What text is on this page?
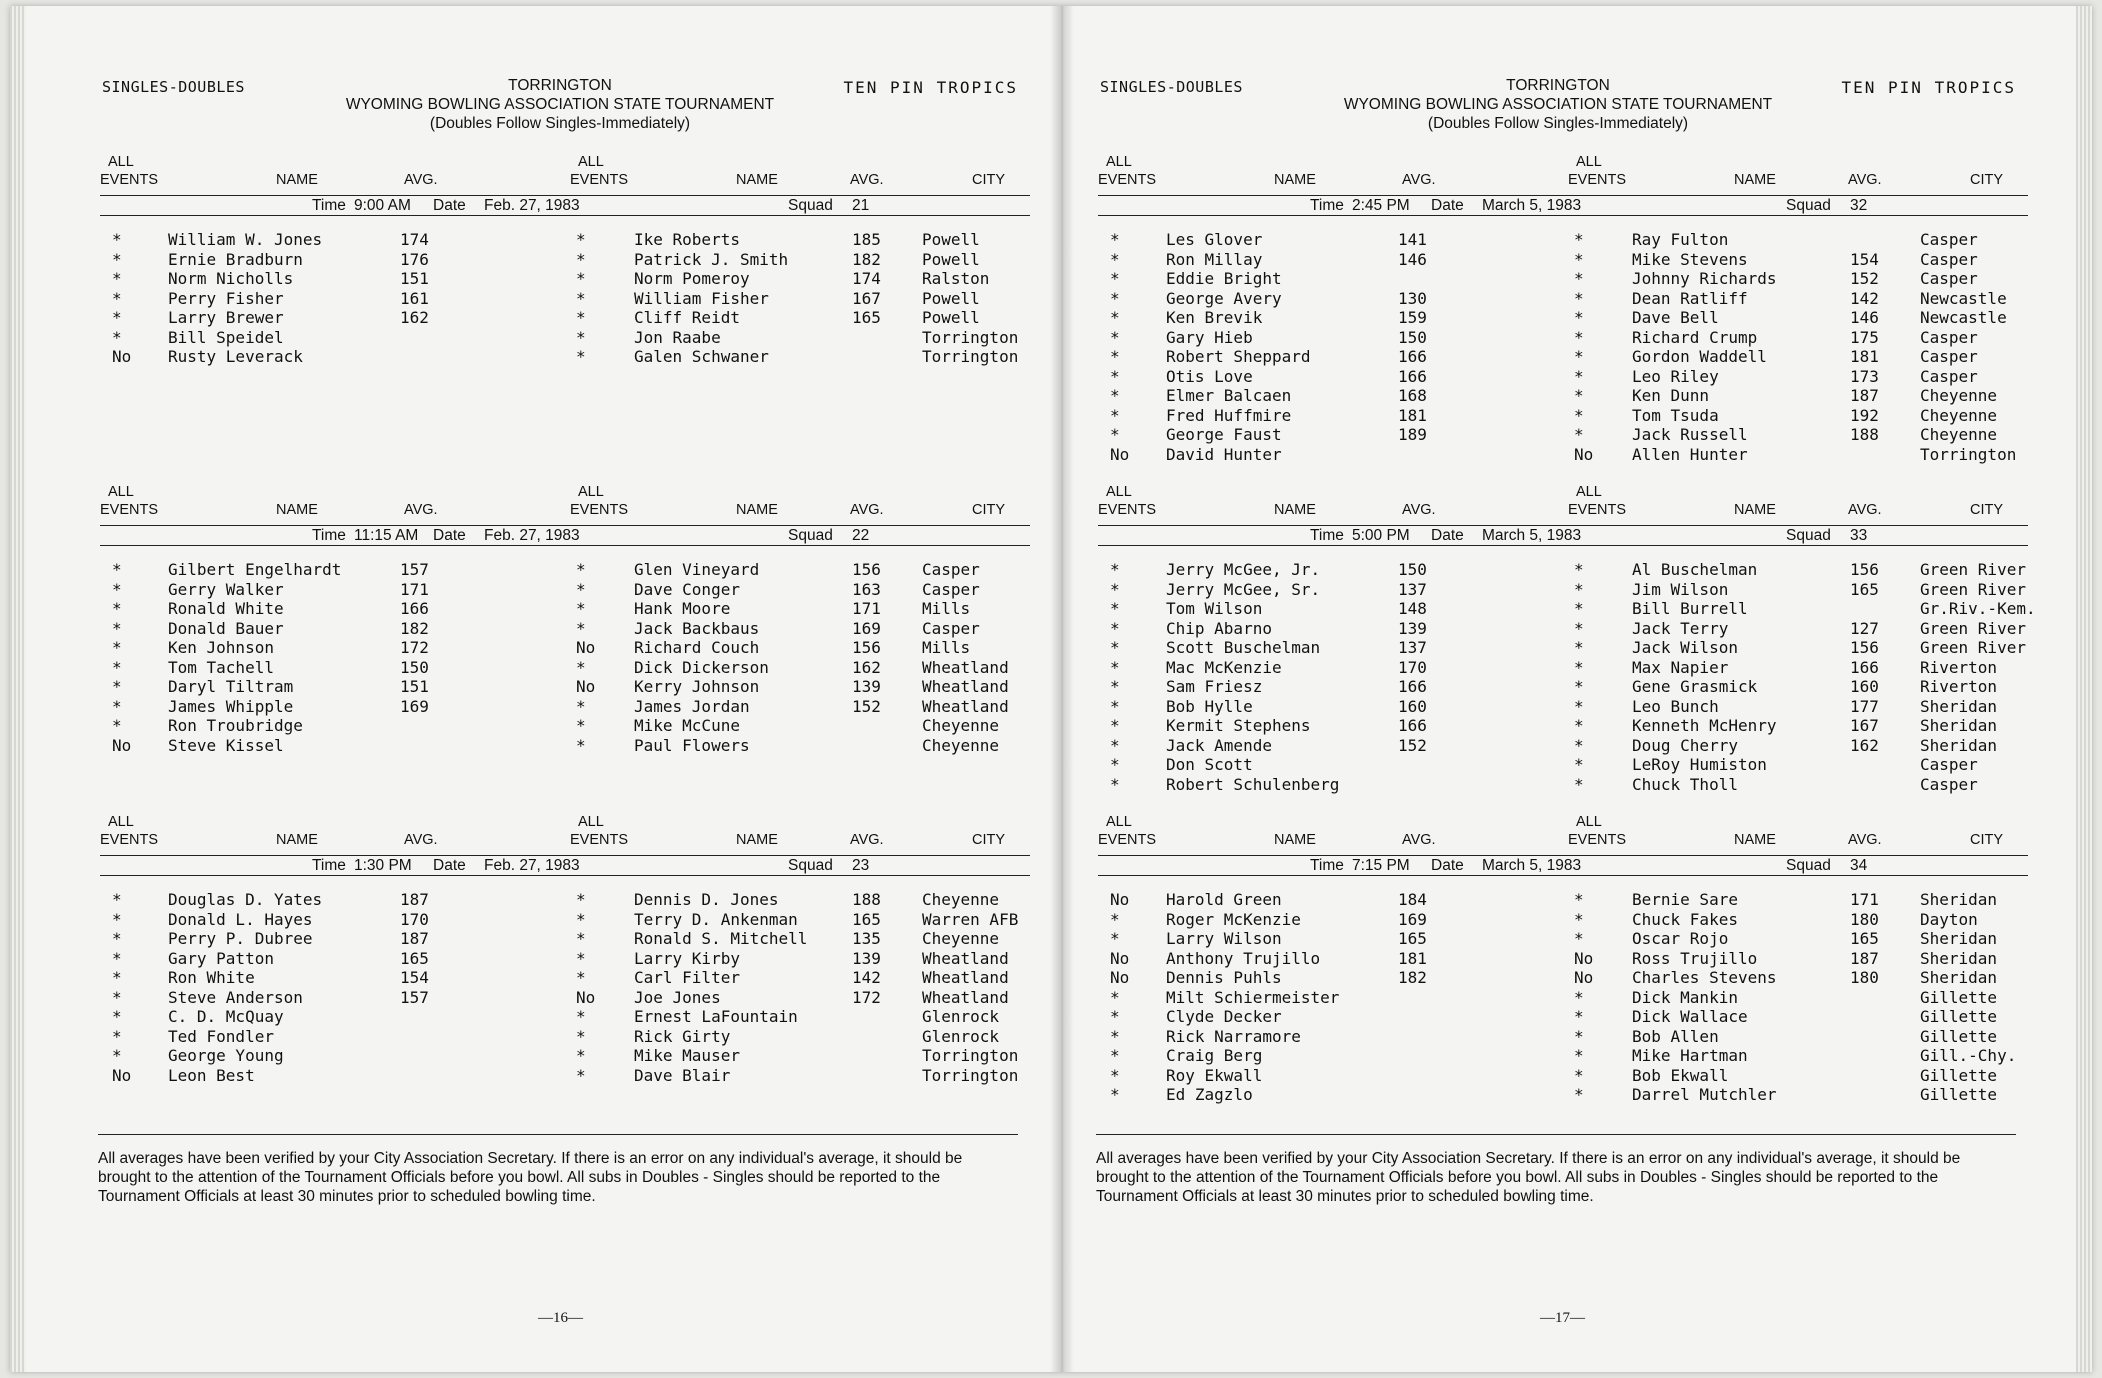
SINGLES-DOUBLES	TORRINGTON
WYOMING BOWLING ASSOCIATION STATE TOURNAMENT
(Doubles Follow Singles-Immediately)
TEN PIN TROPICS
ALL
EVENTS	NAME	AVG.
ALL
EVENTS	NAME	AVG.	CITY
Time 9:00 AM Date Feb. 27, 1983	Squad 21
*	William W. Jones	174	*	Ike Roberts	185	Powell
*	Ernie Bradburn	176	*	Patrick J. Smith	182	Powell
*	Norm Nicholls	151	*	Norm Pomeroy	174	Ralston
*	Perry Fisher	161	*	William Fisher	167	Powell
*	Larry Brewer	162	*	Cliff Reidt	165	Powell
*	Bill Speidel	*	Jon Raabe	Torrington
No Rusty Leverack	*	Galen Schwaner	Torrington
ALL
EVENTS	NAME	AVG.
ALL
EVENTS	NAME	AVG.	CITY
Time 11:15 AM Date Feb. 27, 1983	Squad 22
*	Gilbert Engelhardt	157	*	Glen Vineyard	156	Casper
*	Gerry Walker	171	*	Dave Conger	163	Casper
*	Ronald White	166	*	Hank Moore	171	Mills
*	Donald Bauer	182	*	Jack Backbaus	169	Casper
*	Ken Johnson	172	No Richard Couch	156	Mills
*	Tom Tachell	150	*	Dick Dickerson	162	Wheatland
*	Daryl Tiltram	151	No Kerry Johnson	139	Wheatland
*	James Whipple	169	*	James Jordan	152	Wheatland
*	Ron Troubridge	*	Mike McCune	Cheyenne
No Steve Kissel	*	Paul Flowers	Cheyenne
ALL
EVENTS	NAME	AVG.
ALL
EVENTS	NAME	AVG.	CITY
Time 1:30 PM Date Feb. 27, 1983	Squad 23
*	Douglas D. Yates	187	*	Dennis D. Jones	188	Cheyenne
*	Donald L. Hayes	170	*	Terry D. Ankenman	165	Warren AFB
*	Perry P. Dubree	187	*	Ronald S. Mitchell	135	Cheyenne
*	Gary Patton	165	*	Larry Kirby	139	Wheatland
*	Ron White	154	*	Carl Filter	142	Wheatland
*	Steve Anderson	157	No Joe Jones	172	Wheatland
*	C. D. McQuay	*	Ernest LaFountain	Glenrock
*	Ted Fondler	*	Rick Girty	Glenrock
*	George Young	*	Mike Mauser	Torrington
No Leon Best	*	Dave Blair	Torrington
All averages have been verified by your City Association Secretary. If there is an error on any individual's average, it should be brought to the attention of the Tournament Officials before you bowl. All subs in Doubles - Singles should be reported to the Tournament Officials at least 30 minutes prior to scheduled bowling time.
—16—
SINGLES-DOUBLES	TORRINGTON
WYOMING BOWLING ASSOCIATION STATE TOURNAMENT
(Doubles Follow Singles-Immediately)
TEN PIN TROPICS
ALL
EVENTS	NAME	AVG.
ALL
EVENTS	NAME	AVG.	CITY
Time 2:45 PM Date March 5, 1983	Squad 32
*	Les Glover	141	*	Ray Fulton	Casper
*	Ron Millay	146	*	Mike Stevens	154	Casper
*	Eddie Bright	*	Johnny Richards	152	Casper
*	George Avery	130	*	Dean Ratliff	142	Newcastle
*	Ken Brevik	159	*	Dave Bell	146	Newcastle
*	Gary Hieb	150	*	Richard Crump	175	Casper
*	Robert Sheppard	166	*	Gordon Waddell	181	Casper
*	Otis Love	166	*	Leo Riley	173	Casper
*	Elmer Balcaen	168	*	Ken Dunn	187	Cheyenne
*	Fred Huffmire	181	*	Tom Tsuda	192	Cheyenne
*	George Faust	189	*	Jack Russell	188	Cheyenne
No David Hunter	No Allen Hunter	Torrington
ALL
EVENTS	NAME	AVG.
ALL
EVENTS	NAME	AVG.	CITY
Time 5:00 PM Date March 5, 1983	Squad 33
*	Jerry McGee, Jr.	150	*	Al Buschelman	156	Green River
*	Jerry McGee, Sr.	137	*	Jim Wilson	165	Green River
*	Tom Wilson	148	*	Bill Burrell	Gr.Riv.-Kem.
*	Chip Abarno	139	*	Jack Terry	127	Green River
*	Scott Buschelman	137	*	Jack Wilson	156	Green River
*	Mac McKenzie	170	*	Max Napier	166	Riverton
*	Sam Friesz	166	*	Gene Grasmick	160	Riverton
*	Bob Hylle	160	*	Leo Bunch	177	Sheridan
*	Kermit Stephens	166	*	Kenneth McHenry	167	Sheridan
*	Jack Amende	152	*	Doug Cherry	162	Sheridan
*	Don Scott	*	LeRoy Humiston	Casper
*	Robert Schulenberg	*	Chuck Tholl	Casper
ALL
EVENTS	NAME	AVG.
ALL
EVENTS	NAME	AVG.	CITY
Time 7:15 PM Date March 5, 1983	Squad 34
No Harold Green	184	*	Bernie Sare	171	Sheridan
*	Roger McKenzie	169	*	Chuck Fakes	180	Dayton
*	Larry Wilson	165	*	Oscar Rojo	165	Sheridan
No Anthony Trujillo	181	No Ross Trujillo	187	Sheridan
No Dennis Puhls	182	No Charles Stevens	180	Sheridan
*	Milt Schiermeister	*	Dick Mankin	Gillette
*	Clyde Decker	*	Dick Wallace	Gillette
*	Rick Narramore	*	Bob Allen	Gillette
*	Craig Berg	*	Mike Hartman	Gill.-Chy.
*	Roy Ekwall	*	Bob Ekwall	Gillette
*	Ed Zagzlo	*	Darrel Mutchler	Gillette
All averages have been verified by your City Association Secretary. If there is an error on any individual's average, it should be brought to the attention of the Tournament Officials before you bowl. All subs in Doubles - Singles should be reported to the Tournament Officials at least 30 minutes prior to scheduled bowling time.
—17—
